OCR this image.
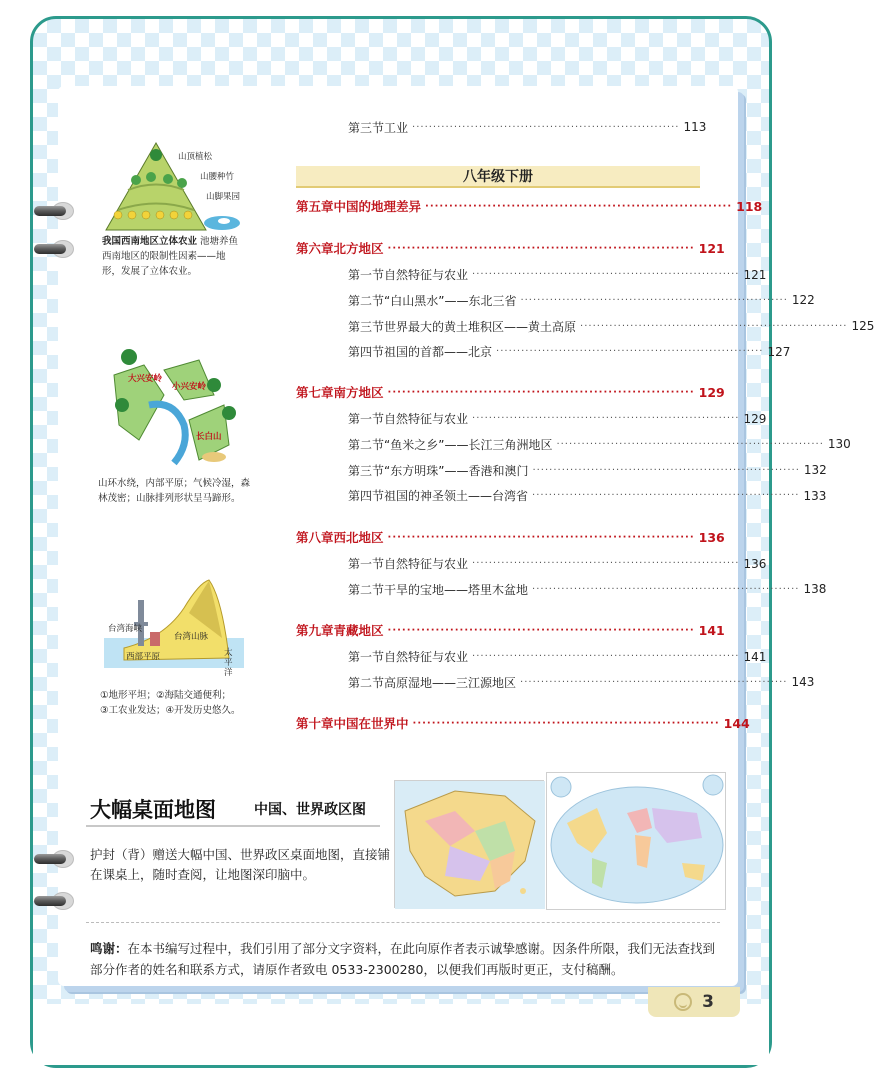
第三节 工业 ································································ 113
八年级下册
第五章 中国的地理差异 ································································ 118
第六章 北方地区 ································································ 121
第一节 自然特征与农业 ································································ 121
第二节 “白山黑水”——东北三省 ································································ 122
第三节 世界最大的黄土堆积区——黄土高原 ································································ 125
第四节 祖国的首都——北京 ································································ 127
第七章 南方地区 ································································ 129
第一节 自然特征与农业 ································································ 129
第二节 “鱼米之乡”——长江三角洲地区 ································································ 130
第三节 “东方明珠”——香港和澳门 ································································ 132
第四节 祖国的神圣领土——台湾省 ································································ 133
第八章 西北地区 ································································ 136
第一节 自然特征与农业 ································································ 136
第二节 干旱的宝地——塔里木盆地 ································································ 138
第九章 青藏地区 ································································ 141
第一节 自然特征与农业 ································································ 141
第二节 高原湿地——三江源地区 ································································ 143
第十章 中国在世界中 ································································ 144
山顶植松
山腰种竹
山脚果园
我国西南地区立体农业 池塘养鱼 西南地区的限制性因素——地形，发展了立体农业。
大兴安岭
小兴安岭
长白山
山环水绕，内部平原；气候冷湿，森林茂密；山脉排列形状呈马蹄形。
台湾海峡
台湾山脉
西部平原	太平洋
①地形平坦；②海陆交通便利；
③工农业发达；④开发历史悠久。
大幅桌面地图	中国、世界政区图
护封（背）赠送大幅中国、世界政区桌面地图，直接铺在课桌上，随时查阅，让地图深印脑中。
鸣谢：在本书编写过程中，我们引用了部分文字资料，在此向原作者表示诚挚感谢。因条件所限，我们无法查找到部分作者的姓名和联系方式，请原作者致电 0533-2300280，以便我们再版时更正，支付稿酬。
3
